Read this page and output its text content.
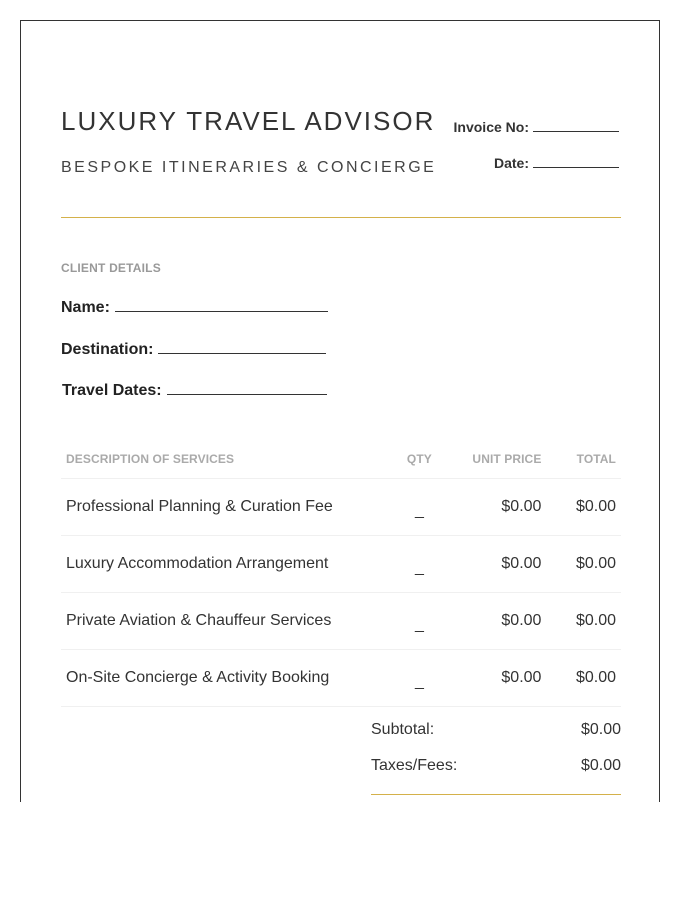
LUXURY TRAVEL ADVISOR
BESPOKE ITINERARIES & CONCIERGE
Invoice No:
Date:
CLIENT DETAILS
Name:
Destination:
Travel Dates:
DESCRIPTION OF SERVICES	QTY	UNIT PRICE	TOTAL
Professional Planning & Curation Fee	_	$0.00	$0.00
Luxury Accommodation Arrangement	_	$0.00	$0.00
Private Aviation & Chauffeur Services	_	$0.00	$0.00
On-Site Concierge & Activity Booking	_	$0.00	$0.00
Subtotal:	$0.00
Taxes/Fees:	$0.00
